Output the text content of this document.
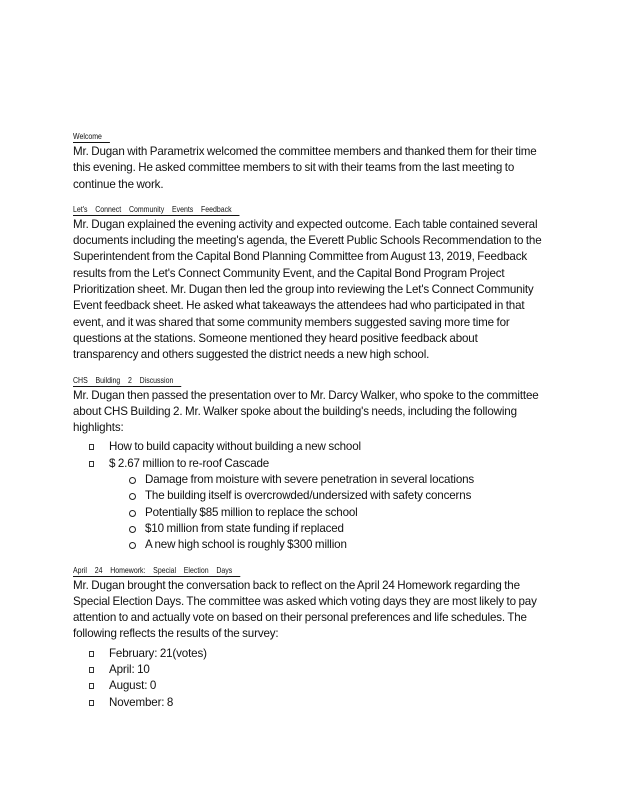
Welcome

Mr. Dugan with Parametrix welcomed the committee members and thanked them for their time this evening. He asked committee members to sit with their teams from the last meeting to continue the work.

Let's    Connect    Community    Events    Feedback

Mr. Dugan explained the evening activity and expected outcome. Each table contained several documents including the meeting's agenda, the Everett Public Schools Recommendation to the Superintendent from the Capital Bond Planning Committee from August 13, 2019, Feedback results from the Let's Connect Community Event, and the Capital Bond Program Project Prioritization sheet. Mr. Dugan then led the group into reviewing the Let's Connect Community Event feedback sheet. He asked what takeaways the attendees had who participated in that event, and it was shared that some community members suggested saving more time for questions at the stations. Someone mentioned they heard positive feedback about transparency and others suggested the district needs a new high school.

CHS    Building    2    Discussion

Mr. Dugan then passed the presentation over to Mr. Darcy Walker, who spoke to the committee about CHS Building 2. Mr. Walker spoke about the building's needs, including the following highlights:

How to build capacity without building a new school
$ 2.67 million to re-roof Cascade
Damage from moisture with severe penetration in several locations
The building itself is overcrowded/undersized with safety concerns
Potentially $85 million to replace the school
$10 million from state funding if replaced
A new high school is roughly $300 million
April    24    Homework:    Special    Election    Days

Mr. Dugan brought the conversation back to reflect on the April 24 Homework regarding the Special Election Days. The committee was asked which voting days they are most likely to pay attention to and actually vote on based on their personal preferences and life schedules. The following reflects the results of the survey:

February: 21(votes)
April: 10
August: 0
November: 8
